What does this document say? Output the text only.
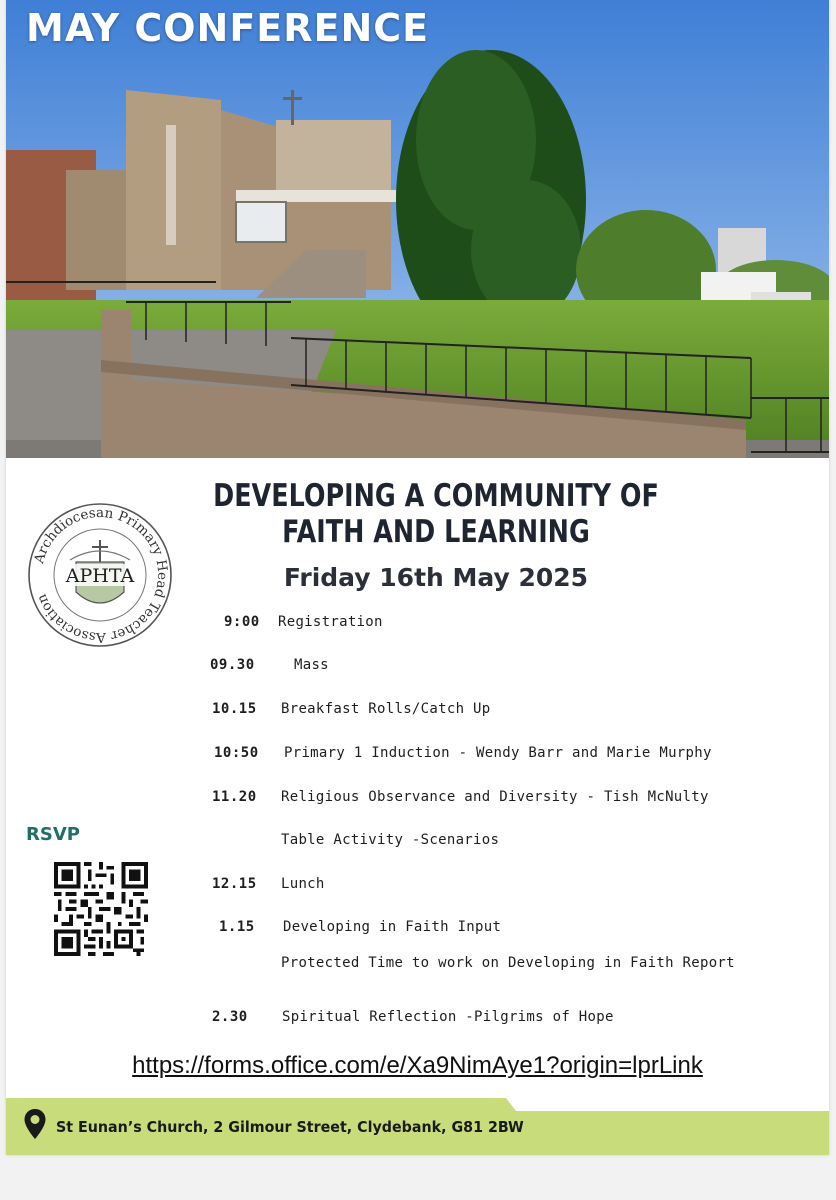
MAY CONFERENCE
Archdiocesan Primary Head Teacher Association
APHTA
DEVELOPING A COMMUNITY OF
FAITH AND LEARNING

Friday 16th May 2025

9:00 Registration
09.30	Mass
10.15 Breakfast Rolls/Catch Up
10:50 Primary 1 Induction - Wendy Barr and Marie Murphy
11.20 Religious Observance and Diversity - Tish McNulty
Table Activity -Scenarios
12.15 Lunch
1.15 Developing in Faith Input
Protected Time to work on Developing in Faith Report
2.30 Spiritual Reflection -Pilgrims of Hope

RSVP

https://forms.office.com/e/Xa9NimAye1?origin=lprLink

St Eunan’s Church, 2 Gilmour Street, Clydebank, G81 2BW
